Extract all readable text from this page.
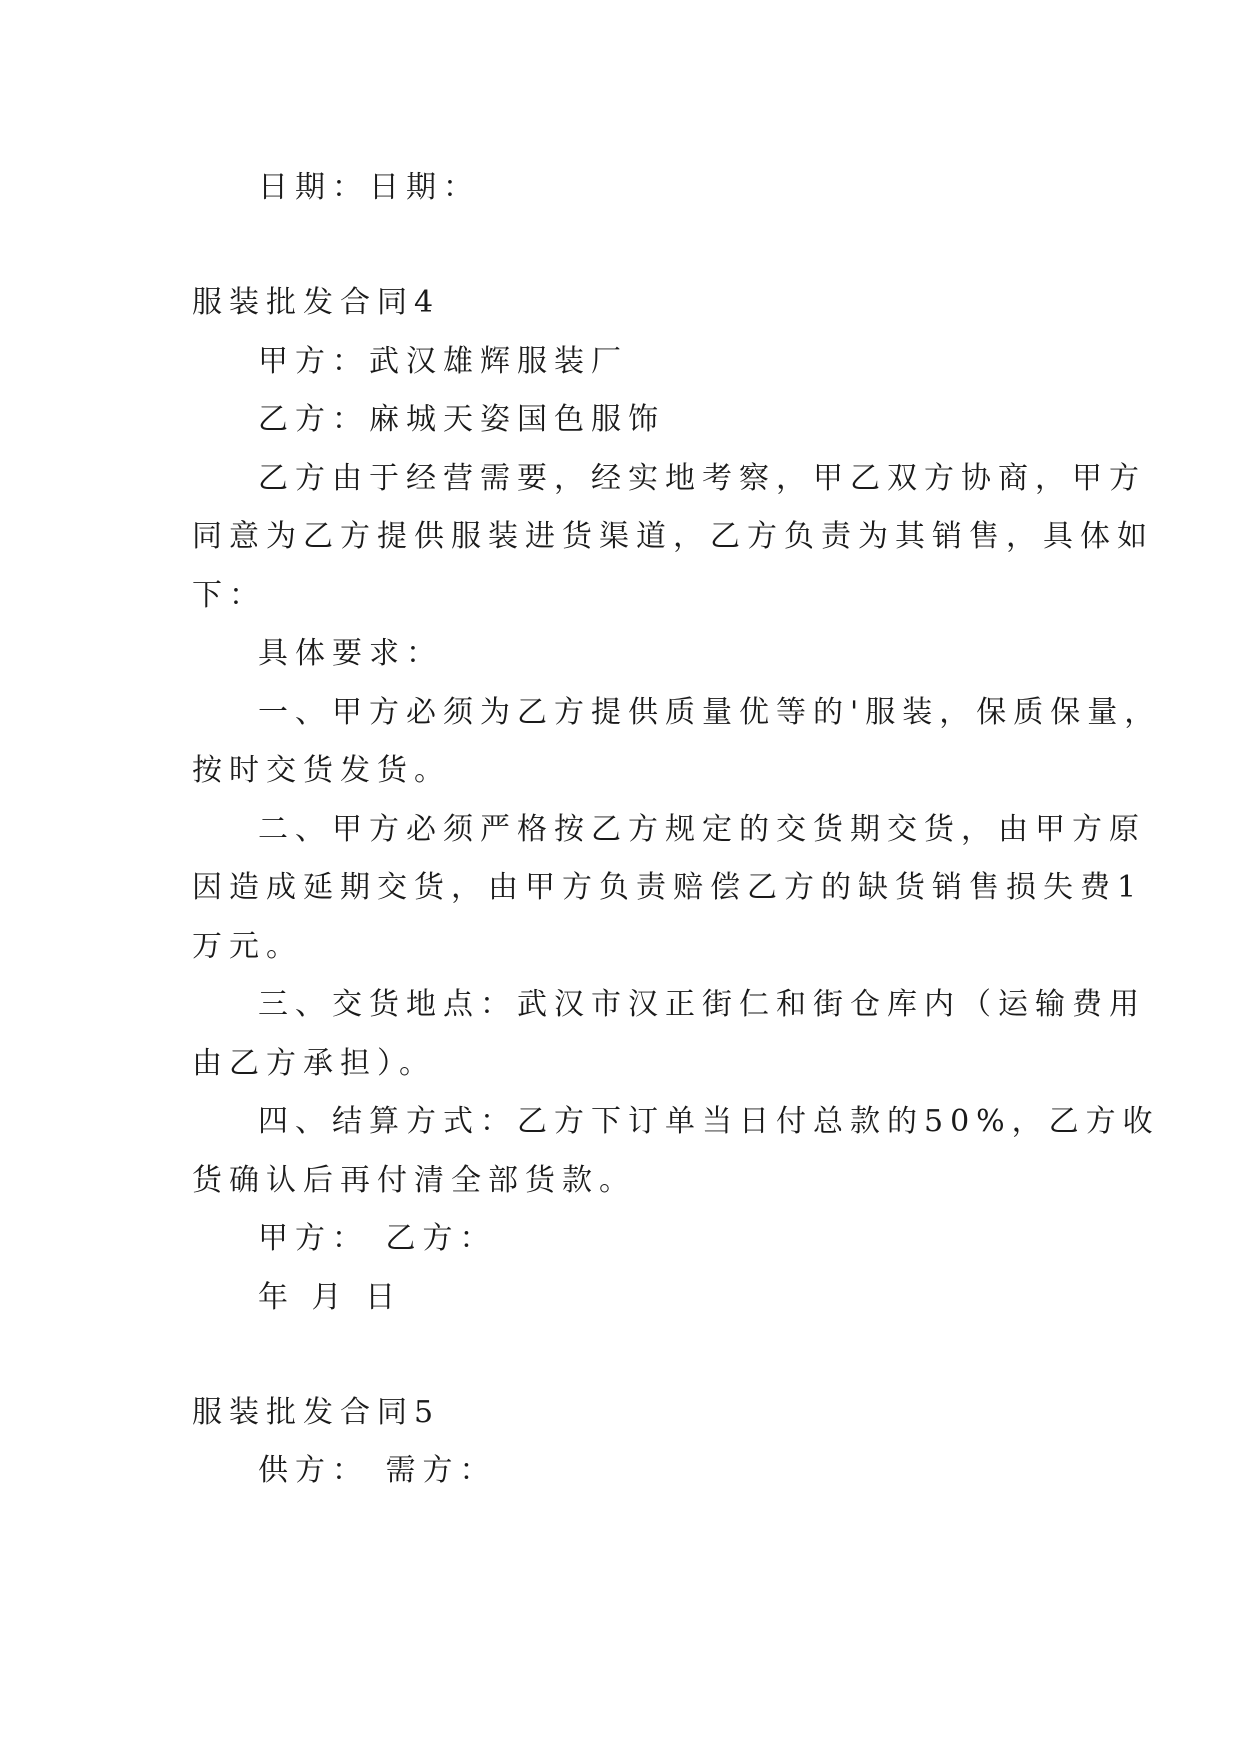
日期：日期：
服装批发合同4
甲方：武汉雄辉服装厂
乙方：麻城天姿国色服饰
乙方由于经营需要，经实地考察，甲乙双方协商，甲方
同意为乙方提供服装进货渠道，乙方负责为其销售，具体如
下：
具体要求：
一、甲方必须为乙方提供质量优等的'服装，保质保量，
按时交货发货。
二、甲方必须严格按乙方规定的交货期交货，由甲方原
因造成延期交货，由甲方负责赔偿乙方的缺货销售损失费1
万元。
三、交货地点：武汉市汉正街仁和街仓库内（运输费用
由乙方承担）。
四、结算方式：乙方下订单当日付总款的50%，乙方收
货确认后再付清全部货款。
甲方： 乙方：
年 月 日
服装批发合同5
供方： 需方：
